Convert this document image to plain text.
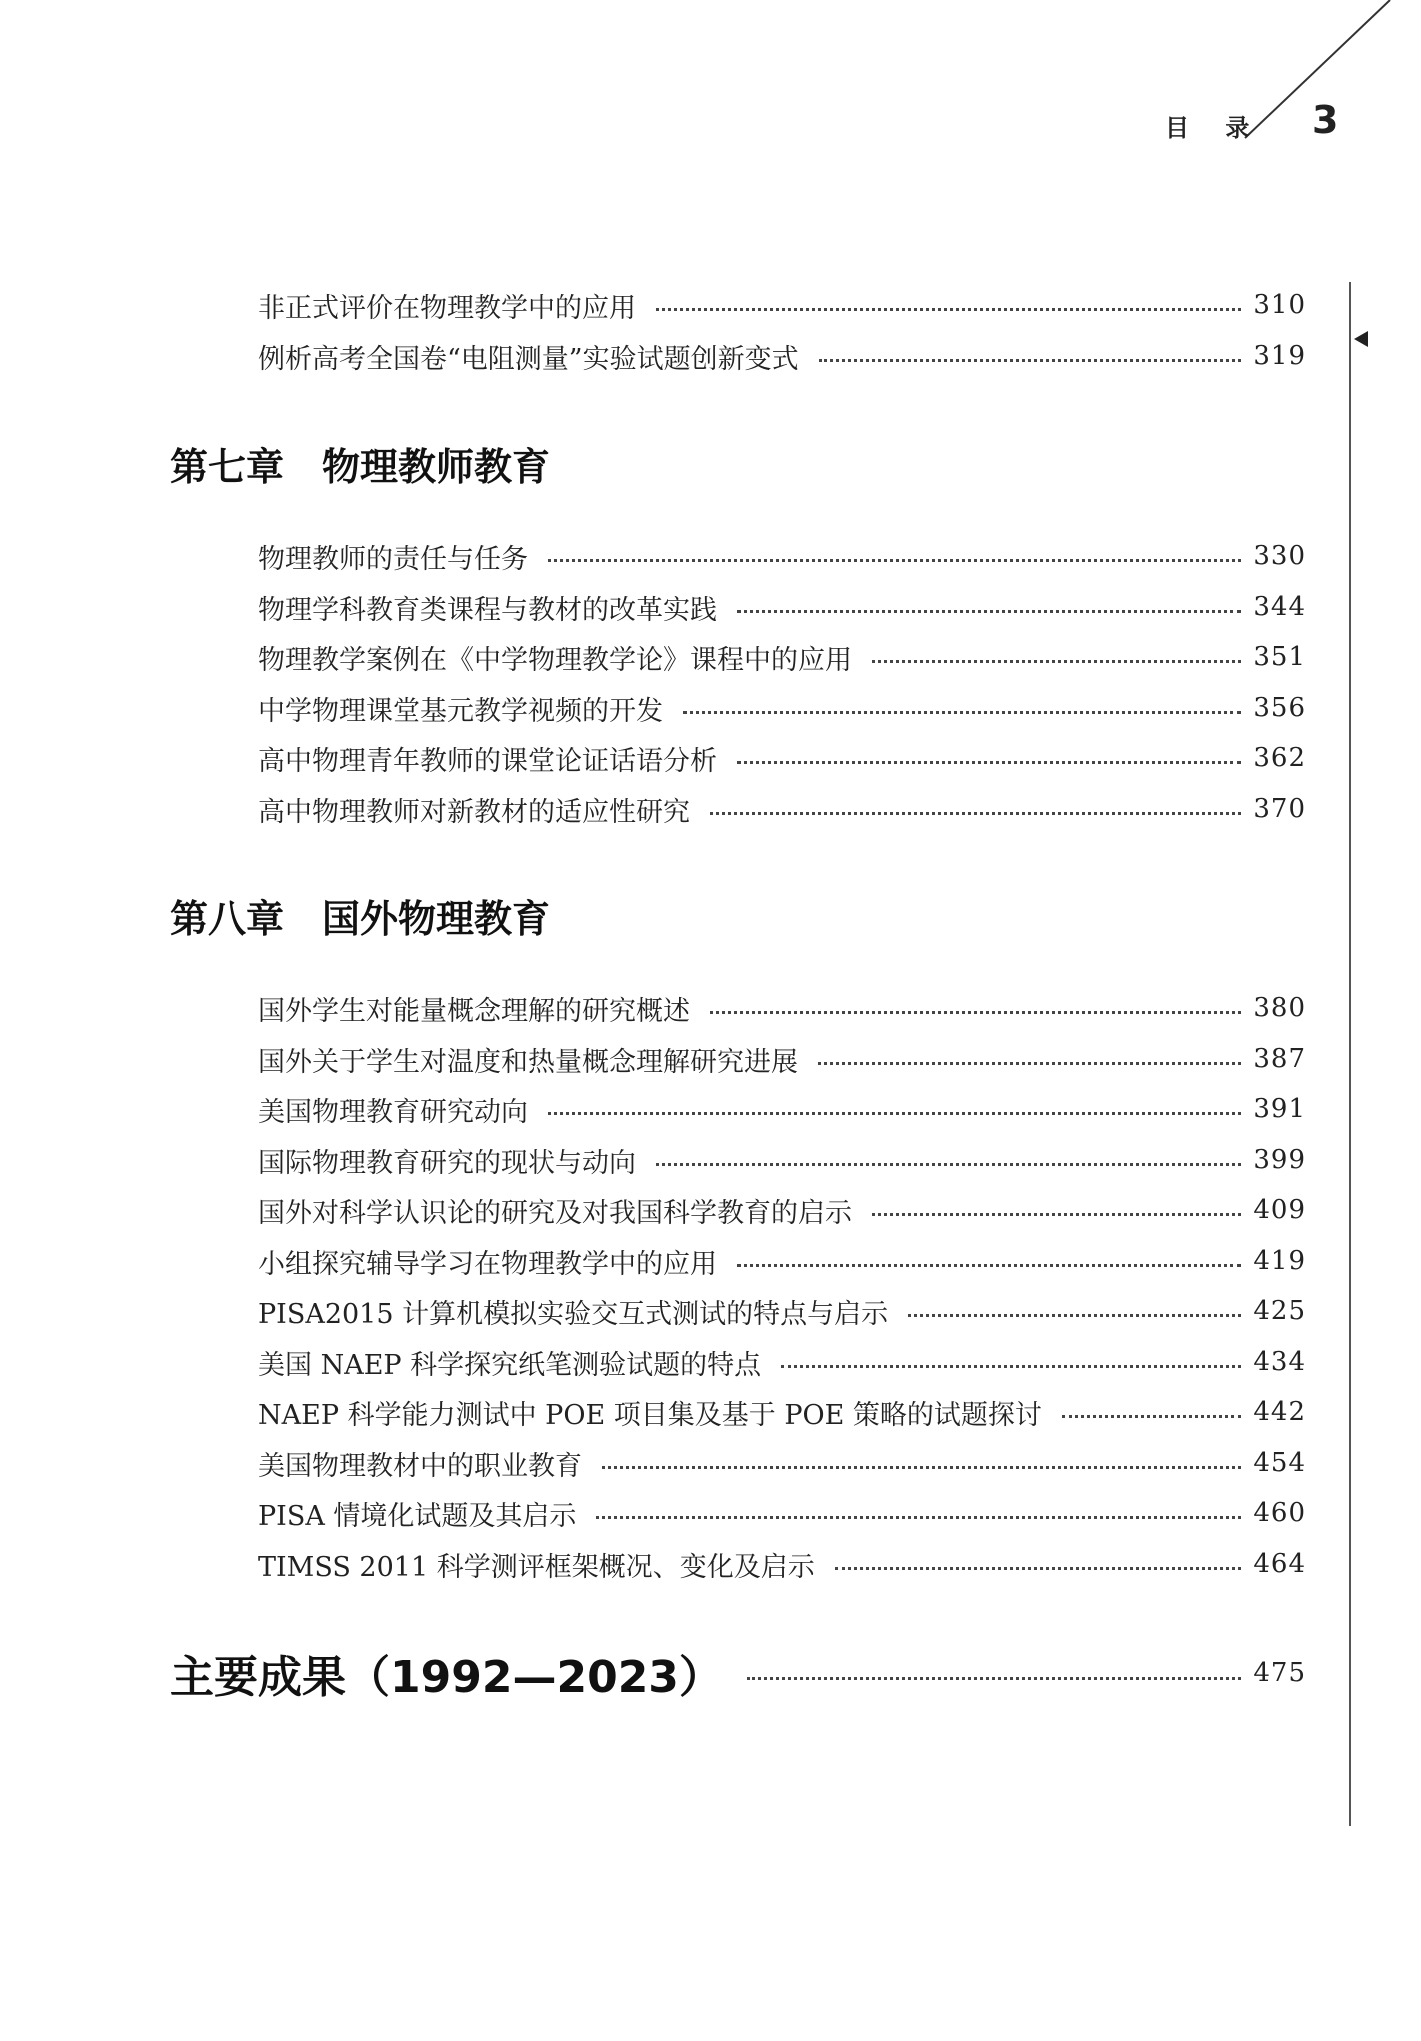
目 录 3
非正式评价在物理教学中的应用	310
例析高考全国卷“电阻测量”实验试题创新变式	319
第七章　物理教师教育
物理教师的责任与任务	330
物理学科教育类课程与教材的改革实践	344
物理教学案例在《中学物理教学论》课程中的应用	351
中学物理课堂基元教学视频的开发	356
高中物理青年教师的课堂论证话语分析	362
高中物理教师对新教材的适应性研究	370
第八章　国外物理教育
国外学生对能量概念理解的研究概述	380
国外关于学生对温度和热量概念理解研究进展	387
美国物理教育研究动向	391
国际物理教育研究的现状与动向	399
国外对科学认识论的研究及对我国科学教育的启示	409
小组探究辅导学习在物理教学中的应用	419
PISA2015 计算机模拟实验交互式测试的特点与启示	425
美国 NAEP 科学探究纸笔测验试题的特点	434
NAEP 科学能力测试中 POE 项目集及基于 POE 策略的试题探讨	442
美国物理教材中的职业教育	454
PISA 情境化试题及其启示	460
TIMSS 2011 科学测评框架概况、变化及启示	464
主要成果（1992—2023）	475
